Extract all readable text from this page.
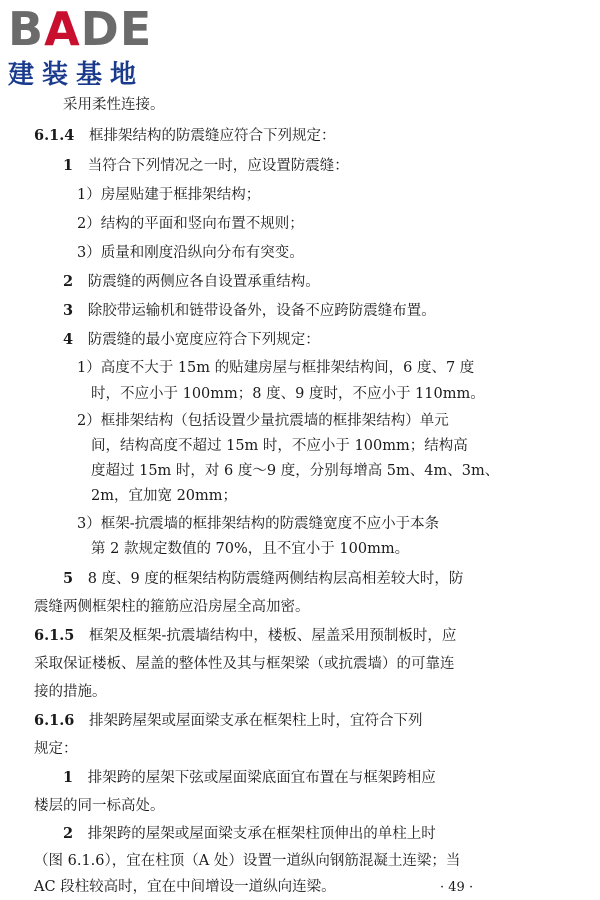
BADE
建装基地
采用柔性连接。
6.1.4 框排架结构的防震缝应符合下列规定：
1 当符合下列情况之一时，应设置防震缝：
1）房屋贴建于框排架结构；
2）结构的平面和竖向布置不规则；
3）质量和刚度沿纵向分布有突变。
2 防震缝的两侧应各自设置承重结构。
3 除胶带运输机和链带设备外，设备不应跨防震缝布置。
4 防震缝的最小宽度应符合下列规定：
1）高度不大于 15m 的贴建房屋与框排架结构间，6 度、7 度
时，不应小于 100mm；8 度、9 度时，不应小于 110mm。
2）框排架结构（包括设置少量抗震墙的框排架结构）单元
间，结构高度不超过 15m 时，不应小于 100mm；结构高
度超过 15m 时，对 6 度～9 度，分别每增高 5m、4m、3m、
2m，宜加宽 20mm；
3）框架-抗震墙的框排架结构的防震缝宽度不应小于本条
第 2 款规定数值的 70%，且不宜小于 100mm。
5 8 度、9 度的框架结构防震缝两侧结构层高相差较大时，防
震缝两侧框架柱的箍筋应沿房屋全高加密。
6.1.5 框架及框架-抗震墙结构中，楼板、屋盖采用预制板时，应
采取保证楼板、屋盖的整体性及其与框架梁（或抗震墙）的可靠连
接的措施。
6.1.6 排架跨屋架或屋面梁支承在框架柱上时，宜符合下列
规定：
1 排架跨的屋架下弦或屋面梁底面宜布置在与框架跨相应
楼层的同一标高处。
2 排架跨的屋架或屋面梁支承在框架柱顶伸出的单柱上时
（图 6.1.6），宜在柱顶（A 处）设置一道纵向钢筋混凝土连梁；当
AC 段柱较高时，宜在中间增设一道纵向连梁。	· 49 ·
